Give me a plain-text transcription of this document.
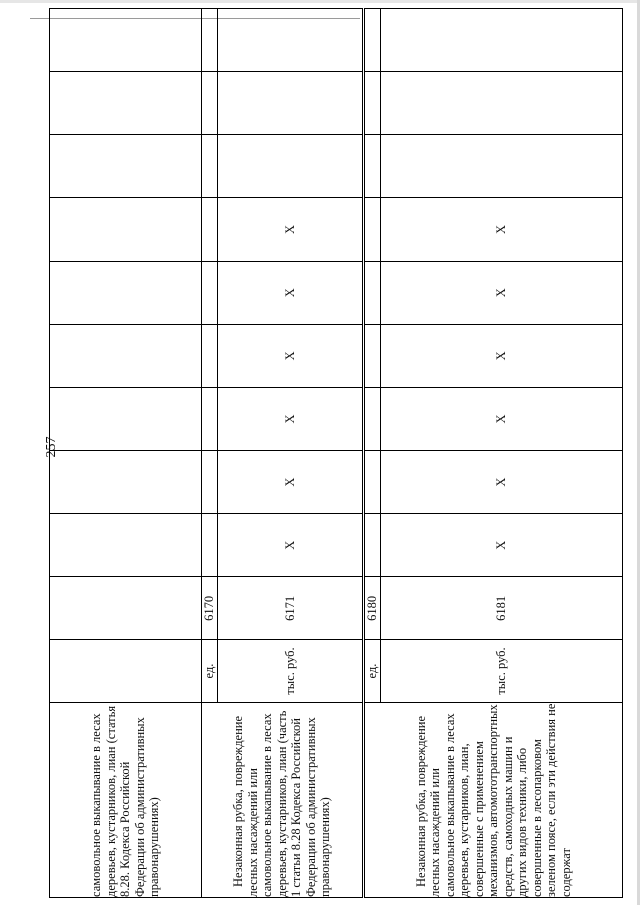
257
самовольное выкапывание в лесах деревьев, кустарников, лиан (статья 8.28. Кодекса Российской Федерации об административных правонарушениях)											

Незаконная рубка, повреждение лесных насаждений или самовольное выкапывание в лесах деревьев, кустарников, лиан (часть 1 статьи 8.28 Кодекса Российской Федерации об административных правонарушениях)	ед.	6170									
	тыс. руб.	6171	X	X	X	X	X	X			

Незаконная рубка, повреждение лесных насаждений или самовольное выкапывание в лесах деревьев, кустарников, лиан, совершенные с применением механизмов, автомототранспортных средств, самоходных машин и других видов техники, либо совершенные в лесопарковом зеленом поясе, если эти действия не содержат	ед.	6180									
	тыс. руб.	6181	X	X	X	X	X	X			
